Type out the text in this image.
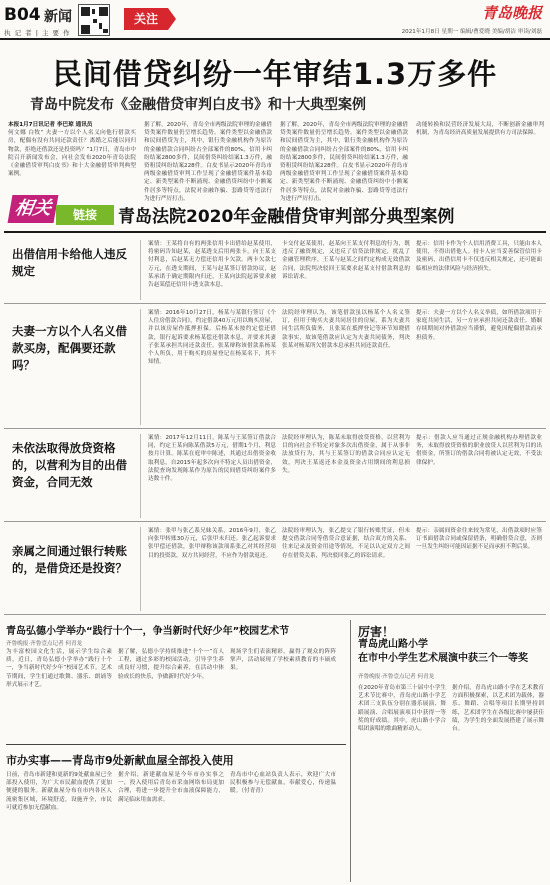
B04 新闻
执 记 者 | 主 要 作
关注	青岛晚报
2021年1月8日 星期一 编辑/曹爱晓 美编/胡洁 审读/刘磊
民间借贷纠纷一年审结1.3万多件
青岛中院发布《金融借贷审判白皮书》和十大典型案例
本报1月7日讯记者 李巴琼 通讯员
何文娜 白牧“ 夫妻一方以个人名义向他行借款买房，配偶有没有共同还款责任？离婚之后能以同归物款，拒绝还借款还是投资吗？”1月7日，青岛市中院召开新闻发布会，向社会发布2020年青岛法院《金融借贷审判白皮书》和十大金融借贷审判典型案例。
据了解，2020年，青岛全市两级法院审理的金融借贷类案件数量仍呈增长趋势。案件类型以金融借款和民间借贷为主，其中，银行类金融机构作为原告的金融借款合同纠纷占全部案件的80%，信用卡纠纷结案2800多件，民间借贷纠纷结案1.3万件，融资租赁纠纷结案228件。白皮书显示2020年青岛市两级金融借贷审判工作呈现了金融借贷案件基本稳定、新类型案件不断涌现、金融借贷纠纷中小额案件居多等特点，法院对金融诈骗、套路贷等违法行为进行严厉打击。
据了解，2020年，青岛全市两级法院审理的金融借贷类案件数量仍呈增长趋势。案件类型以金融借款和民间借贷为主，其中，银行类金融机构作为原告的金融借款合同纠纷占全部案件的80%，信用卡纠纷结案2800多件，民间借贷纠纷结案1.3万件，融资租赁纠纷结案228件。白皮书显示2020年青岛市两级金融借贷审判工作呈现了金融借贷案件基本稳定、新类型案件不断涌现、金融借贷纠纷中小额案件居多等特点，法院对金融诈骗、套路贷等违法行为进行严厉打击。
动能转换和民营经济发展大局，不断创新金融审判机制，为青岛经济高质量发展提供有力司法保障。
相关	链接	青岛法院2020年金融借贷审判部分典型案例
出借信用卡给他人违反规定
案情：王某将自有的两张信用卡出借给赵某使用，将密码告知赵某，赵某透支后用两张卡，向王某支付利息，后赵某无力偿还信用卡欠款。两卡欠款七万元，在透支期间，王某与赵某签订借款协议，赵某承诺于确定期限内归还，王某向法院起诉要求被告赵某偿还信用卡透支款本息。
卡交付赵某使用，赵某向王某支付利息的行为，既违反了融资规定，又违反了信贷法律规定，扰乱了金融管理秩序，王某与赵某之间约定构成无效借款合同，法院判决驳回王某要求赵某支付借款利息的诉讼请求。
提示：信用卡作为个人信用消费工具，只能由本人使用，不得出借他人。持卡人应当妥善保管信用卡及密码，出借信用卡不仅违反相关规定，还可能面临相应的法律风险与经济损失。
夫妻一方以个人名义借款买房，配偶要还款吗？
案情：2016年10月27日，杨某与某银行签订《个人住房借款合同》，约定借款40万元用以购买房屋，并以该房屋作抵押担保。后杨某未按约定偿还借款，银行起诉要求杨某偿还借款本息，并要求其妻子张某承担共同还款责任。张某辩称该借款系杨某个人所负，用于购买的房屋登记在杨某名下，其不知情。
法院经审理认为，该笔借款虽以杨某个人名义签订，但用于购买夫妻共同居住的房屋，系为夫妻共同生活所负债务，且张某在抵押登记等环节知晓借款事实，故该笔借款应认定为夫妻共同债务，判决张某对杨某所欠借款本息承担共同还款责任。
提示：夫妻一方以个人名义举债，如所借款项用于家庭共同生活，另一方应承担共同还款责任。婚姻存续期间对外借款应当谨慎，避免因配偶借款而承担债务。
未依法取得放贷资格的，以营利为目的出借资金，合同无效
案情：2017年12月11日，陈某与王某签订借款合同，约定王某向陈某借款5万元，借期1个月，利息按月计算。陈某在庭审中陈述，其通过出借资金收取利息，自2015年起多次向不特定人员出借资金，法院查询发现陈某作为原告的民间借贷纠纷案件多达数十件。
法院经审理认为，陈某未取得放贷资格，以营利为目的向社会不特定对象多次出借资金，属于从事非法放贷行为，其与王某签订的借款合同应认定无效，判决王某返还本金及资金占用期间的利息损失。
提示：借款人应当通过正规金融机构办理借款业务，未取得放贷资格的职业放贷人以营利为目的出借资金，所签订的借款合同将被认定无效，不受法律保护。
亲属之间通过银行转账的，是借贷还是投资？
案情：张甲与张乙系兄妹关系，2016年9月，张乙向张甲转账30万元，后张甲未归还。张乙起诉要求张甲偿还借款，张甲辩称该款项系张乙对其经营项目的投资款，双方共同经营，不应作为借款返还。
法院经审理认为，张乙提交了银行转账凭证，但未提交借款合同等借贷合意证据，结合双方的关系、往来记录及资金用途等情况，不足以认定双方之间存在借贷关系，判决驳回张乙的诉讼请求。
提示：亲属间资金往来较为常见，出借款项时应签订书面借款合同或保留借条，明确借贷合意，否则一旦发生纠纷可能因证据不足而承担不利后果。
青岛弘德小学举办“践行十个一，争当新时代好少年”校园艺术节
齐鲁晚报·齐鲁壹点记者 何青龙
为丰富校园文化生活，展示学生综合素质，近日，青岛弘德小学举办“践行十个一，争当新时代好少年”校园艺术节。艺术节期间，学生们通过歌舞、器乐、朗诵等形式展示才艺。
据了解，弘德小学持续推进“十个一”育人工程，通过多彩的校园活动，引导学生养成良好习惯，提升综合素养，在活动中体验成长的快乐，争做新时代好少年。
现场学生们表演精彩，赢得了观众的阵阵掌声，活动展现了学校素质教育的丰硕成果。
市办实事——青岛市9处新献血屋全部投入使用
日前，青岛市新建和更新的9处献血屋已全部投入使用，为广大市民献血提供了更加便捷的服务。新献血屋分布在市内各区人流密集区域，环境舒适，设施齐全，市民可就近参加无偿献血。
据介绍，新建献血屋是今年市办实事之一，投入使用后青岛市采血网络布局更加合理，将进一步提升全市血液保障能力，满足临床用血需求。
青岛市中心血站负责人表示，欢迎广大市民积极参与无偿献血，奉献爱心，传递温暖。（付青青）
厉害！
青岛虎山路小学
在市中小学生艺术展演中获三个一等奖
齐鲁晚报·齐鲁壹点记者 何青龙
在2020年青岛市第三十届中小学生艺术节比赛中，青岛虎山路小学艺术团三支队伍分别在器乐展演、舞蹈展演、合唱展演项目中获得一等奖的好成绩。其中，虎山路小学合唱团演唱的歌曲精彩动人。
据介绍，青岛虎山路小学在艺术教育方面积极探索，以艺术团为载体，器乐、舞蹈、合唱等项目长期坚持训练，艺术团学生在各级比赛中屡获佳绩，为学生的全面发展搭建了展示舞台。
